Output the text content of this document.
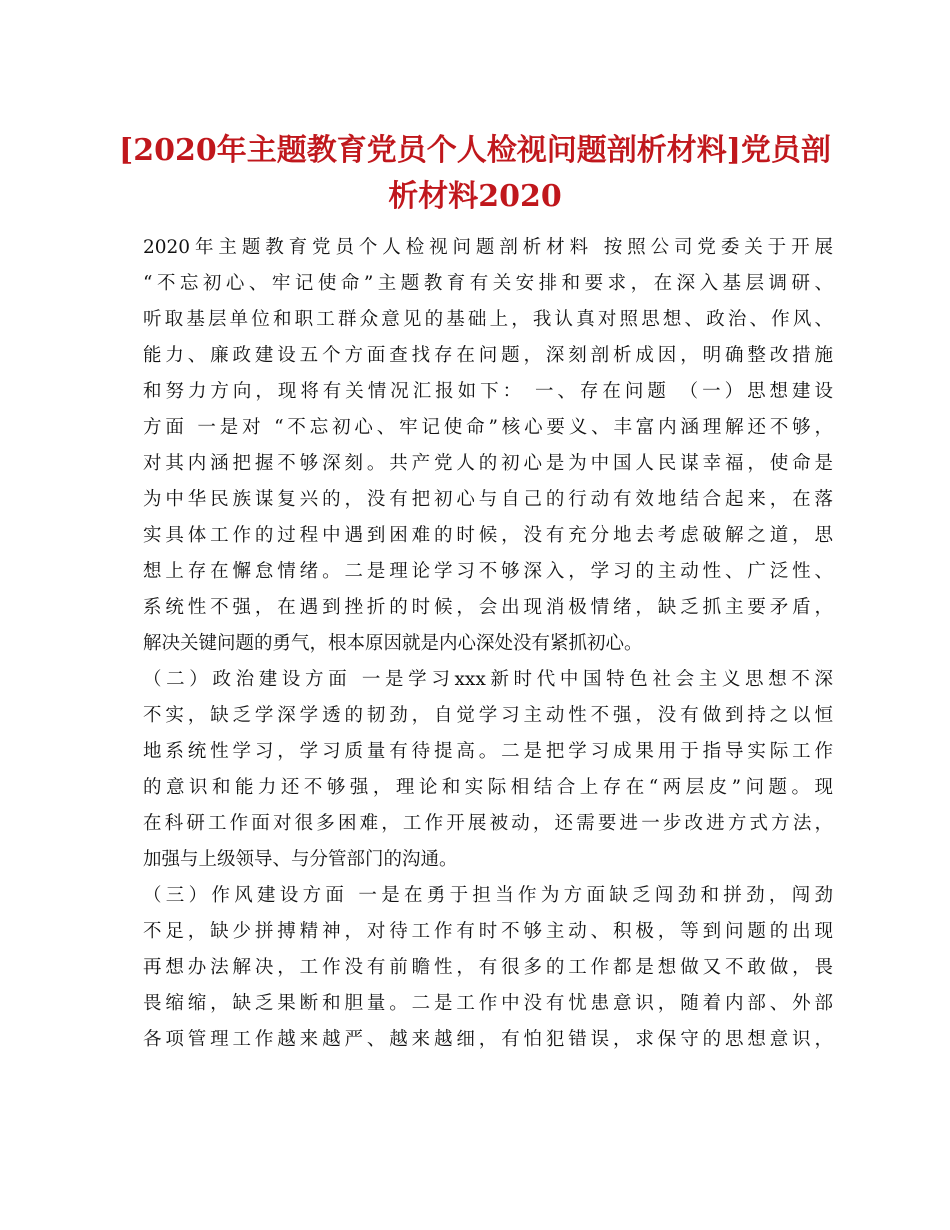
[2020年主题教育党员个人检视问题剖析材料]党员剖
析材料2020
2020年主题教育党员个人检视问题剖析材料 按照公司党委关于开展
“不忘初心、牢记使命”主题教育有关安排和要求，在深入基层调研、
听取基层单位和职工群众意见的基础上，我认真对照思想、政治、作风、
能力、廉政建设五个方面查找存在问题，深刻剖析成因，明确整改措施
和努力方向，现将有关情况汇报如下： 一、存在问题 （一）思想建设
方面 一是对 “不忘初心、牢记使命”核心要义、丰富内涵理解还不够，
对其内涵把握不够深刻。共产党人的初心是为中国人民谋幸福，使命是
为中华民族谋复兴的，没有把初心与自己的行动有效地结合起来，在落
实具体工作的过程中遇到困难的时候，没有充分地去考虑破解之道，思
想上存在懈怠情绪。二是理论学习不够深入，学习的主动性、广泛性、
系统性不强，在遇到挫折的时候，会出现消极情绪，缺乏抓主要矛盾，
解决关键问题的勇气，根本原因就是内心深处没有紧抓初心。
（二）政治建设方面 一是学习xxx新时代中国特色社会主义思想不深
不实，缺乏学深学透的韧劲，自觉学习主动性不强，没有做到持之以恒
地系统性学习，学习质量有待提高。二是把学习成果用于指导实际工作
的意识和能力还不够强，理论和实际相结合上存在“两层皮”问题。现
在科研工作面对很多困难，工作开展被动，还需要进一步改进方式方法，
加强与上级领导、与分管部门的沟通。
（三）作风建设方面 一是在勇于担当作为方面缺乏闯劲和拼劲，闯劲
不足，缺少拼搏精神，对待工作有时不够主动、积极，等到问题的出现
再想办法解决，工作没有前瞻性，有很多的工作都是想做又不敢做，畏
畏缩缩，缺乏果断和胆量。二是工作中没有忧患意识，随着内部、外部
各项管理工作越来越严、越来越细，有怕犯错误，求保守的思想意识，
